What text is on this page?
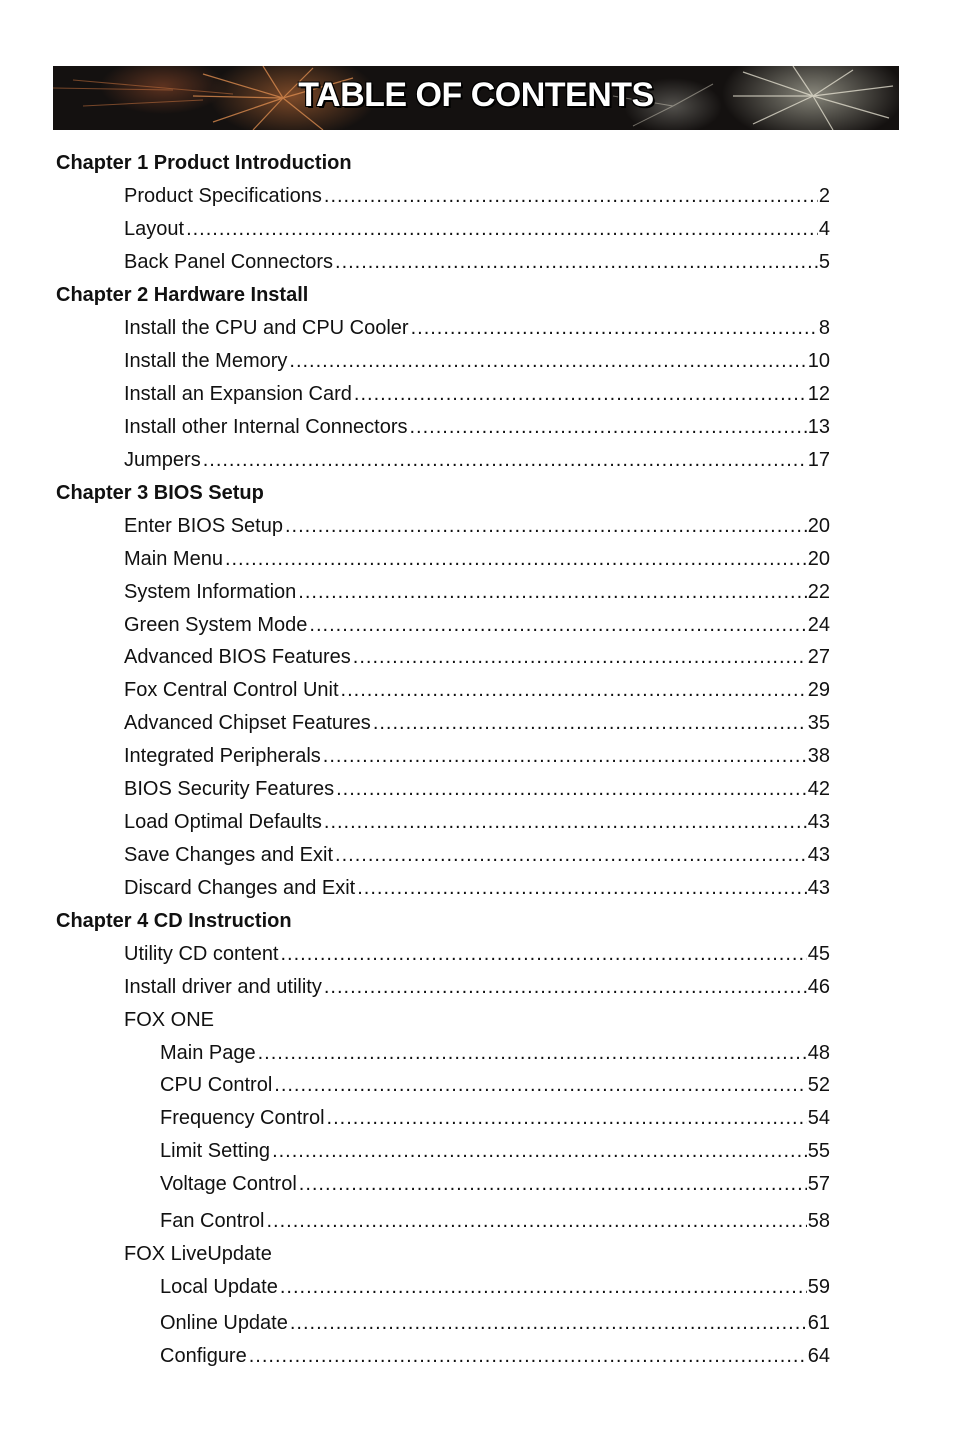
TABLE OF CONTENTS
Chapter 1 Product Introduction
Product Specifications .....	2
Layout .....	4
Back Panel Connectors .....	5
Chapter 2 Hardware Install
Install the CPU and CPU Cooler .....	8
Install the Memory .....	10
Install an Expansion Card .....	12
Install other Internal Connectors .....	13
Jumpers .....	17
Chapter 3 BIOS Setup
Enter BIOS Setup .....	20
Main Menu .....	20
System Information .....	22
Green System Mode .....	24
Advanced BIOS Features .....	27
Fox Central Control Unit .....	29
Advanced Chipset Features .....	35
Integrated Peripherals .....	38
BIOS Security Features .....	42
Load Optimal Defaults .....	43
Save Changes and Exit .....	43
Discard Changes and Exit .....	43
Chapter 4 CD Instruction
Utility CD content .....	45
Install driver and utility .....	46
FOX ONE
Main Page .....	48
CPU Control .....	52
Frequency Control .....	54
Limit Setting .....	55
Voltage Control .....	57
Fan Control .....	58
FOX LiveUpdate
Local Update .....	59
Online Update .....	61
Configure .....	64
